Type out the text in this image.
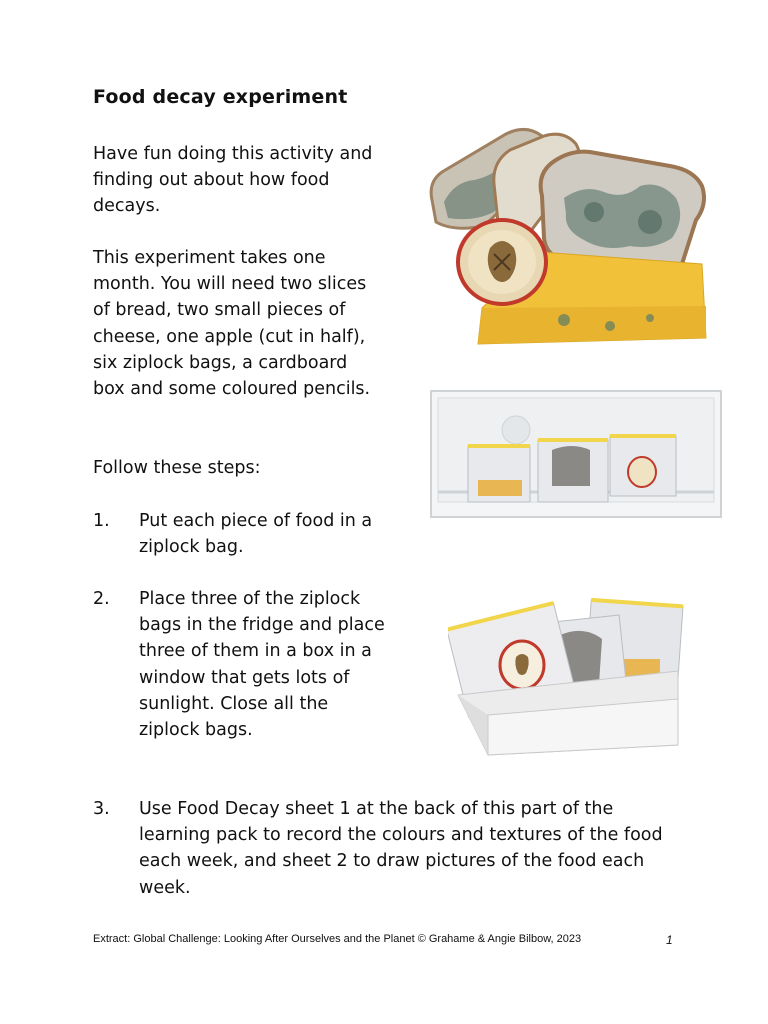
Food decay experiment

Have fun doing this activity and finding out about how food decays.

This experiment takes one month. You will need two slices of bread, two small pieces of cheese, one apple (cut in half), six ziplock bags, a cardboard box and some coloured pencils.

Follow these steps:

1.	Put each piece of food in a ziplock bag.
2.	Place three of the ziplock bags in the fridge and place three of them in a box in a window that gets lots of sunlight. Close all the ziplock bags.
3.	Use Food Decay sheet 1 at the back of this part of the learning pack to record the colours and textures of the food each week, and sheet 2 to draw pictures of the food each week.
Extract: Global Challenge: Looking After Ourselves and the Planet © Grahame & Angie Bilbow, 2023	1
